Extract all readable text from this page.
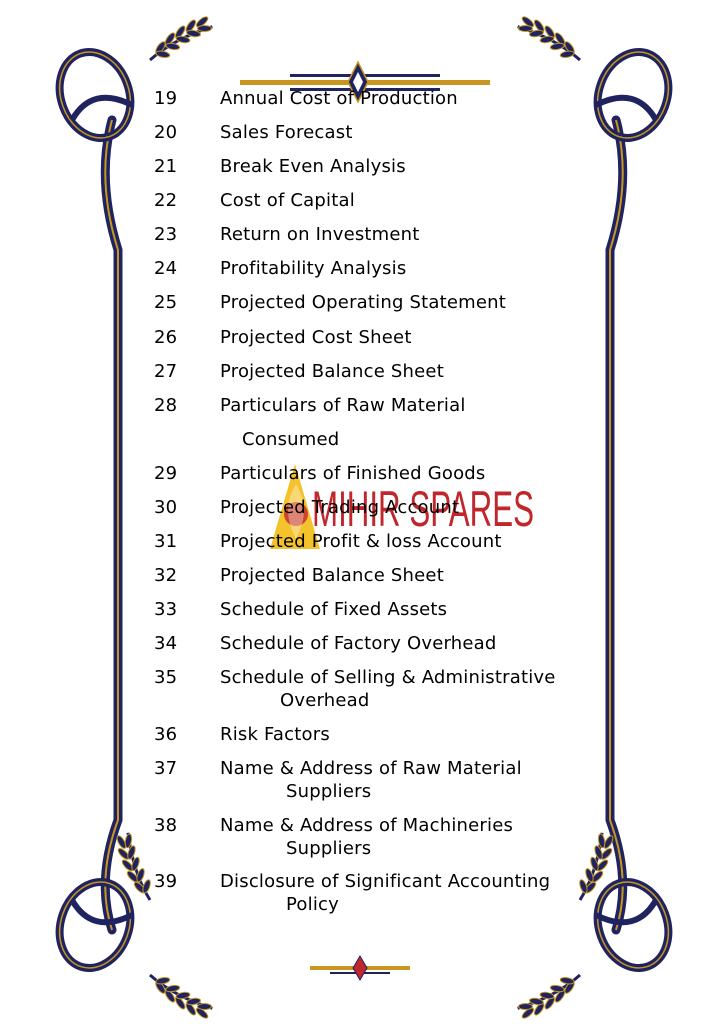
MIHIR SPARES
19 Annual Cost of Production
20 Sales Forecast
21 Break Even Analysis
22 Cost of Capital
23 Return on Investment
24 Profitability Analysis
25 Projected Operating Statement
26 Projected Cost Sheet
27 Projected Balance Sheet
28 Particulars of Raw Material
Consumed
29 Particulars of Finished Goods
30 Projected Trading Account
31 Projected Profit & loss Account
32 Projected Balance Sheet
33 Schedule of Fixed Assets
34 Schedule of Factory Overhead
35 Schedule of Selling & Administrative
Overhead
36 Risk Factors
37 Name & Address of Raw Material
Suppliers
38 Name & Address of Machineries
Suppliers
39 Disclosure of Significant Accounting
Policy
